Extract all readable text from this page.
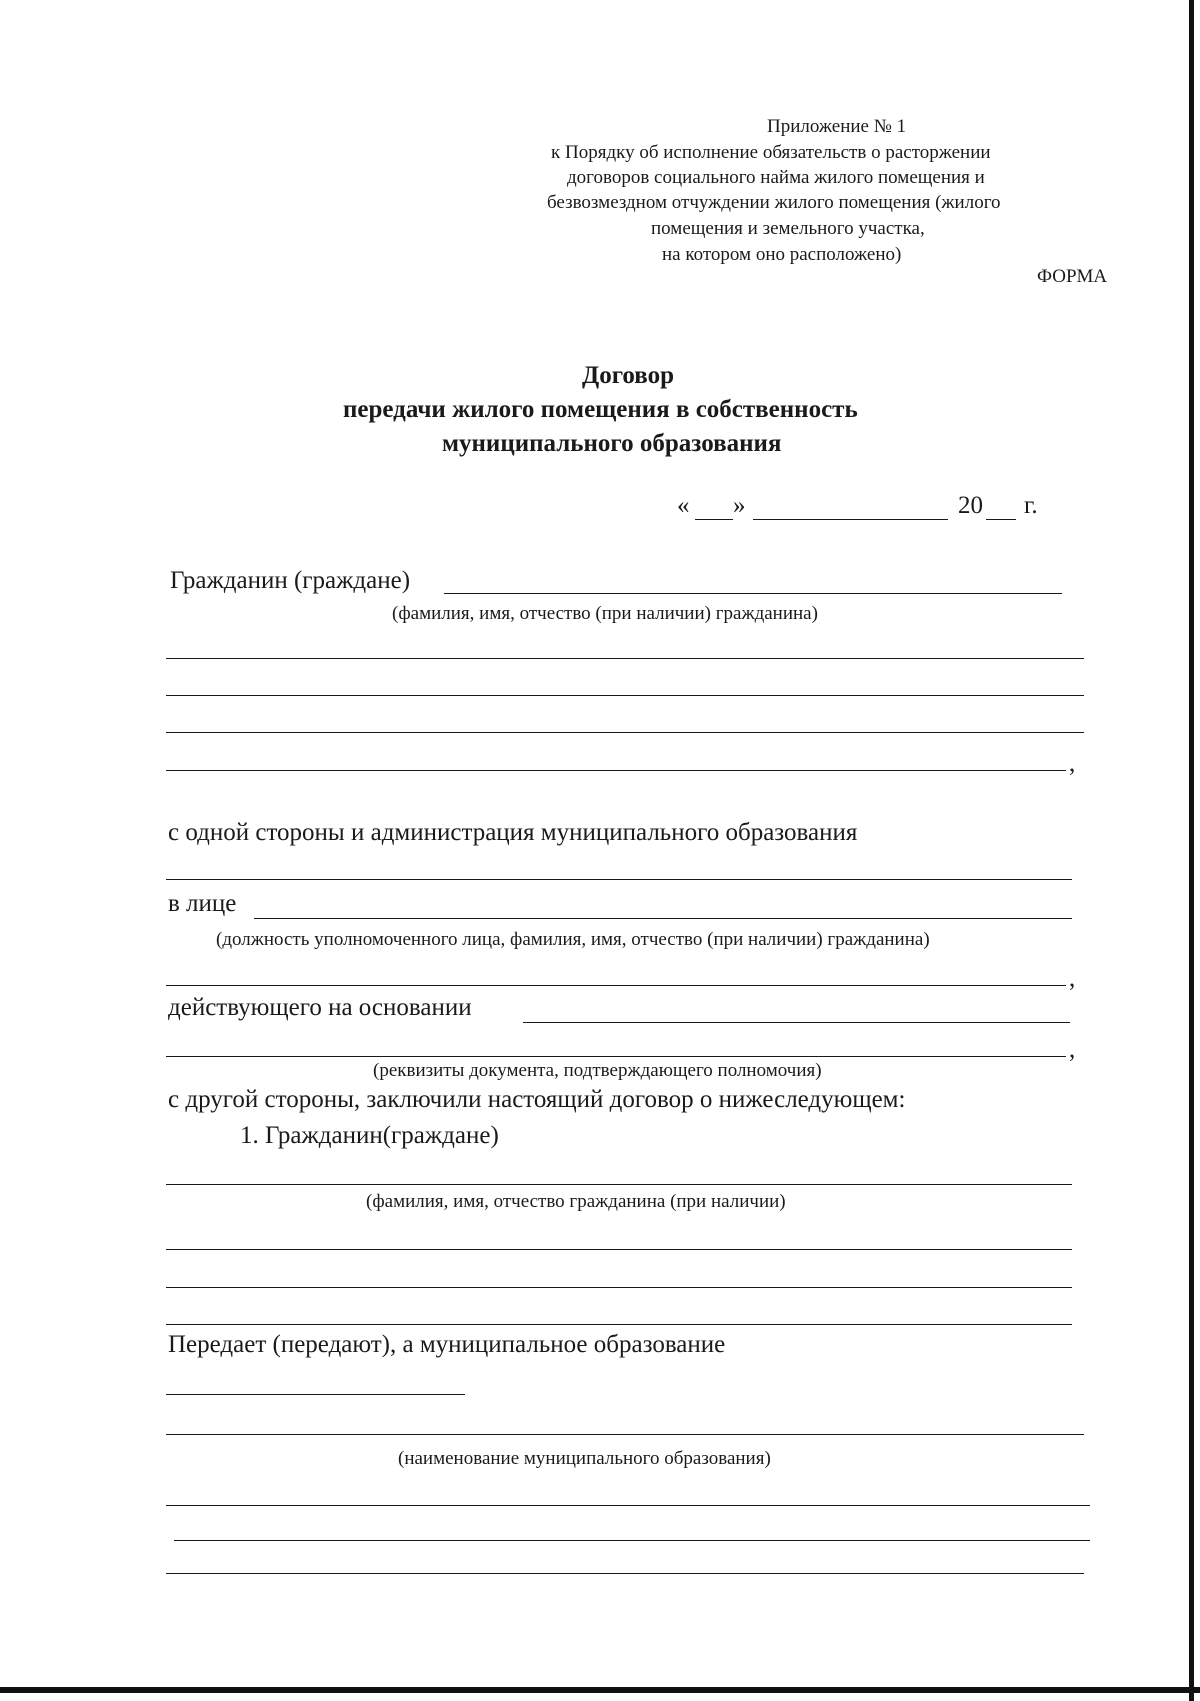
Приложение № 1
к Порядку об исполнение обязательств о расторжении
договоров социального найма жилого помещения и
безвозмездном отчуждении жилого помещения (жилого
помещения и земельного участка,
на котором оно расположено)
ФОРМА
Договор
передачи жилого помещения в собственность
муниципального образования
« »	20 г.
Гражданин (граждане)
(фамилия, имя, отчество (при наличии) гражданина)
,
с одной стороны и администрация муниципального образования
в лице
(должность уполномоченного лица, фамилия, имя, отчество (при наличии) гражданина)
,
действующего на основании
,
(реквизиты документа, подтверждающего полномочия)
с другой стороны, заключили настоящий договор о нижеследующем:
1. Гражданин(граждане)
(фамилия, имя, отчество гражданина (при наличии)
Передает (передают), а муниципальное образование
(наименование муниципального образования)
